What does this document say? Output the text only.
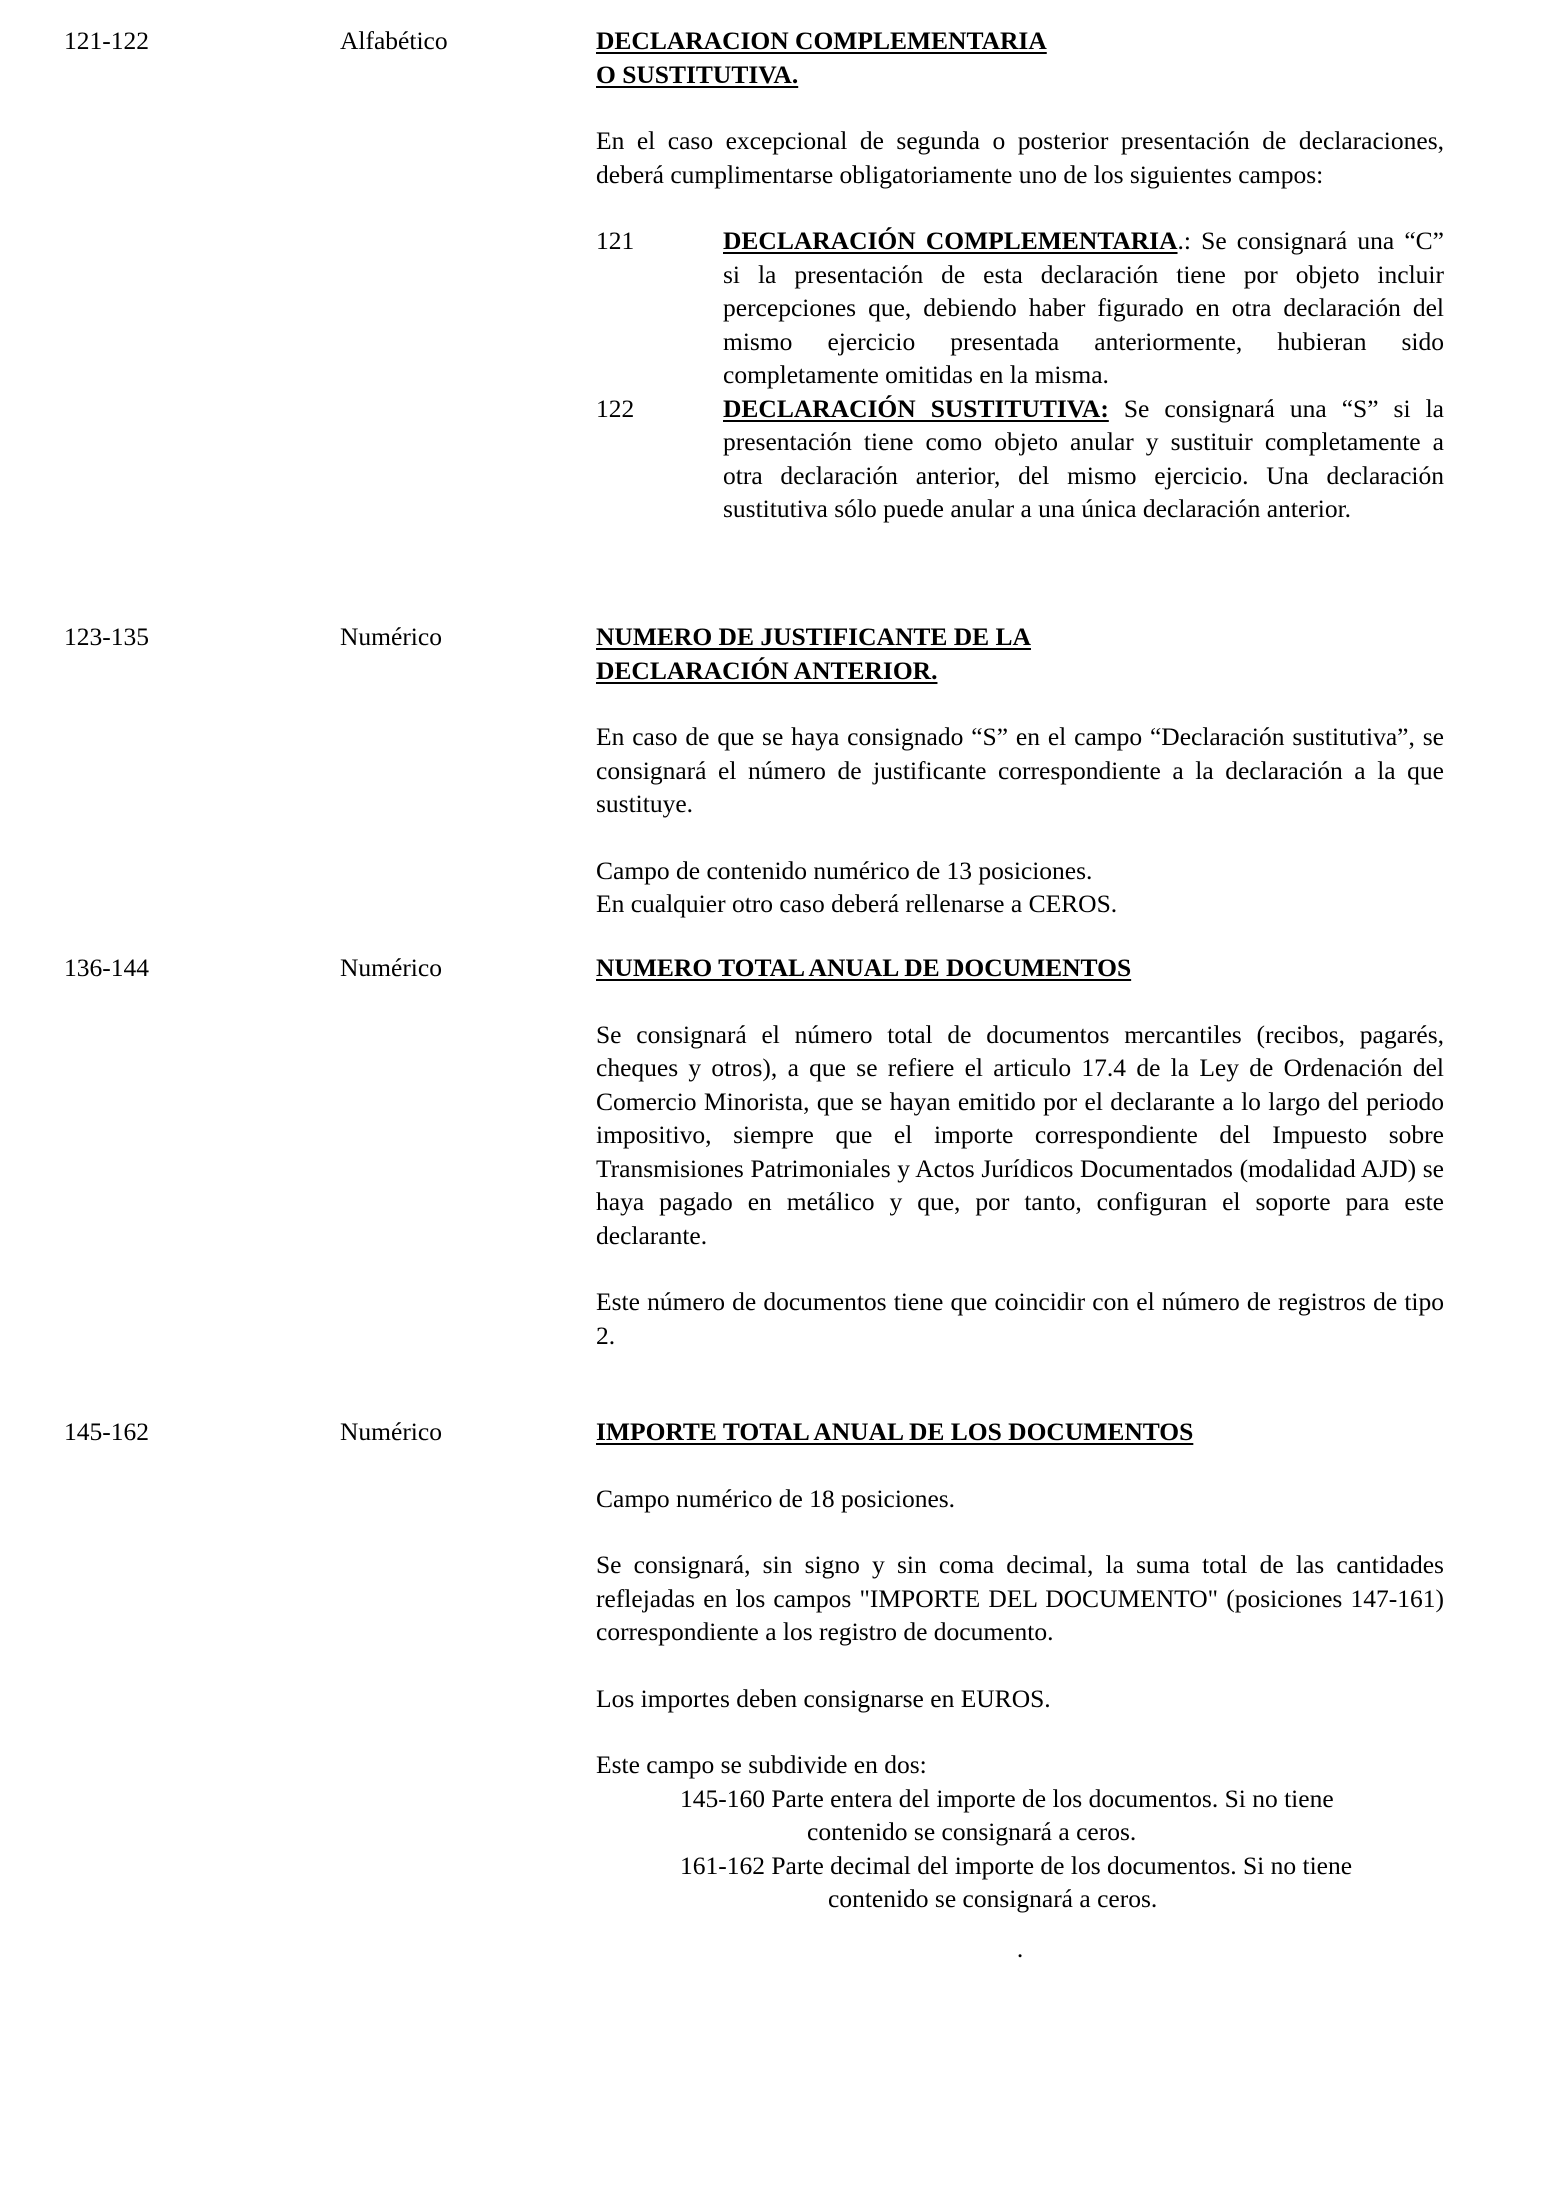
121-122	Alfabético	DECLARACION COMPLEMENTARIA
O SUSTITUTIVA.

En el caso excepcional de segunda o posterior presentación de declaraciones, deberá cumplimentarse obligatoriamente uno de los siguientes campos:

121	DECLARACIÓN COMPLEMENTARIA.: Se consignará una “C” si la presentación de esta declaración tiene por objeto incluir percepciones que, debiendo haber figurado en otra declaración del mismo ejercicio presentada anteriormente, hubieran sido completamente omitidas en la misma.
122	DECLARACIÓN SUSTITUTIVA: Se consignará una “S” si la presentación tiene como objeto anular y sustituir completamente a otra declaración anterior, del mismo ejercicio. Una declaración sustitutiva sólo puede anular a una única declaración anterior.
123-135	Numérico	NUMERO DE JUSTIFICANTE DE LA
DECLARACIÓN ANTERIOR.

En caso de que se haya consignado “S” en el campo “Declaración sustitutiva”, se consignará el número de justificante correspondiente a la declaración a la que sustituye.

Campo de contenido numérico de 13 posiciones.

En cualquier otro caso deberá rellenarse a CEROS.

136-144	Numérico	NUMERO TOTAL ANUAL DE DOCUMENTOS

Se consignará el número total de documentos mercantiles (recibos, pagarés, cheques y otros), a que se refiere el articulo 17.4 de la Ley de Ordenación del Comercio Minorista, que se hayan emitido por el declarante a lo largo del periodo impositivo, siempre que el importe correspondiente del Impuesto sobre Transmisiones Patrimoniales y Actos Jurídicos Documentados (modalidad AJD) se haya pagado en metálico y que, por tanto, configuran el soporte para este declarante.

Este número de documentos tiene que coincidir con el número de registros de tipo 2.

145-162	Numérico	IMPORTE TOTAL ANUAL DE LOS DOCUMENTOS

Campo numérico de 18 posiciones.

Se consignará, sin signo y sin coma decimal, la suma total de las cantidades reflejadas en los campos "IMPORTE DEL DOCUMENTO" (posiciones 147-161) correspondiente a los registro de documento.

Los importes deben consignarse en EUROS.

Este campo se subdivide en dos:

145-160 Parte entera del importe de los documentos. Si no tiene
contenido se consignará a ceros.
161-162 Parte decimal del importe de los documentos. Si no tiene
contenido se consignará a ceros.
.
